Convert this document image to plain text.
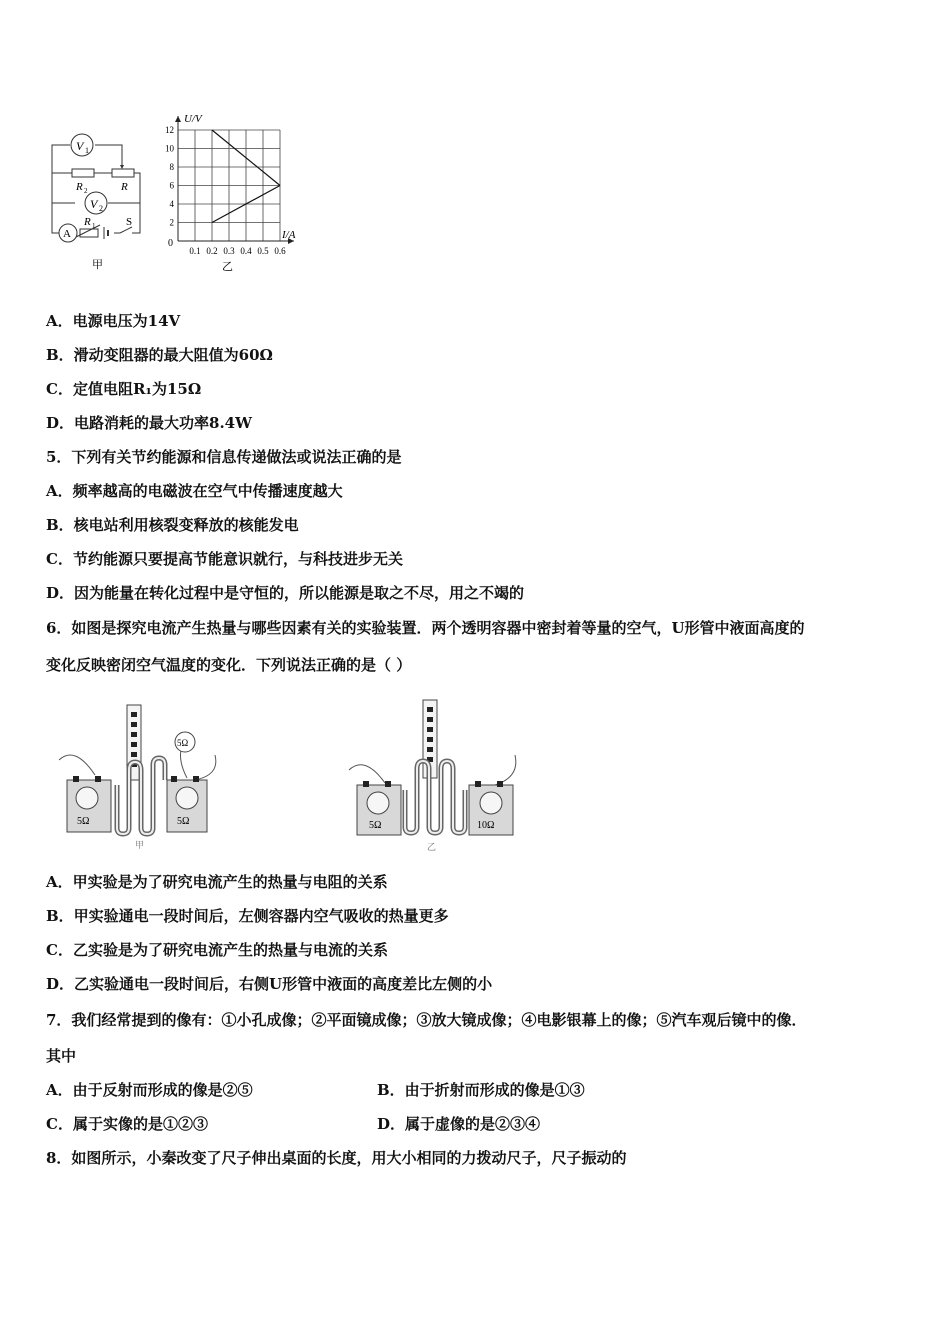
V 1
R 2	R
V 2
A
R 1	S
甲
2
4
6
8
10
12
0.1 0.2 0.3 0.4 0.5 0.6
U/V
I/A
0
乙
A．电源电压为14V
B．滑动变阻器的最大阻值为60Ω
C．定值电阻R₁为15Ω
D．电路消耗的最大功率8.4W
5．下列有关节约能源和信息传递做法或说法正确的是
A．频率越高的电磁波在空气中传播速度越大
B．核电站利用核裂变释放的核能发电
C．节约能源只要提高节能意识就行，与科技进步无关
D．因为能量在转化过程中是守恒的，所以能源是取之不尽，用之不竭的
6．如图是探究电流产生热量与哪些因素有关的实验装置．两个透明容器中密封着等量的空气，U形管中液面高度的
变化反映密闭空气温度的变化．下列说法正确的是（ ）
5Ω	5Ω
5Ω
甲
5Ω	10Ω
乙
A．甲实验是为了研究电流产生的热量与电阻的关系
B．甲实验通电一段时间后，左侧容器内空气吸收的热量更多
C．乙实验是为了研究电流产生的热量与电流的关系
D．乙实验通电一段时间后，右侧U形管中液面的高度差比左侧的小
7．我们经常提到的像有：①小孔成像；②平面镜成像；③放大镜成像；④电影银幕上的像；⑤汽车观后镜中的像．
其中
A．由于反射而形成的像是②⑤	B．由于折射而形成的像是①③
C．属于实像的是①②③	D．属于虚像的是②③④
8．如图所示，小秦改变了尺子伸出桌面的长度，用大小相同的力拨动尺子，尺子振动的
